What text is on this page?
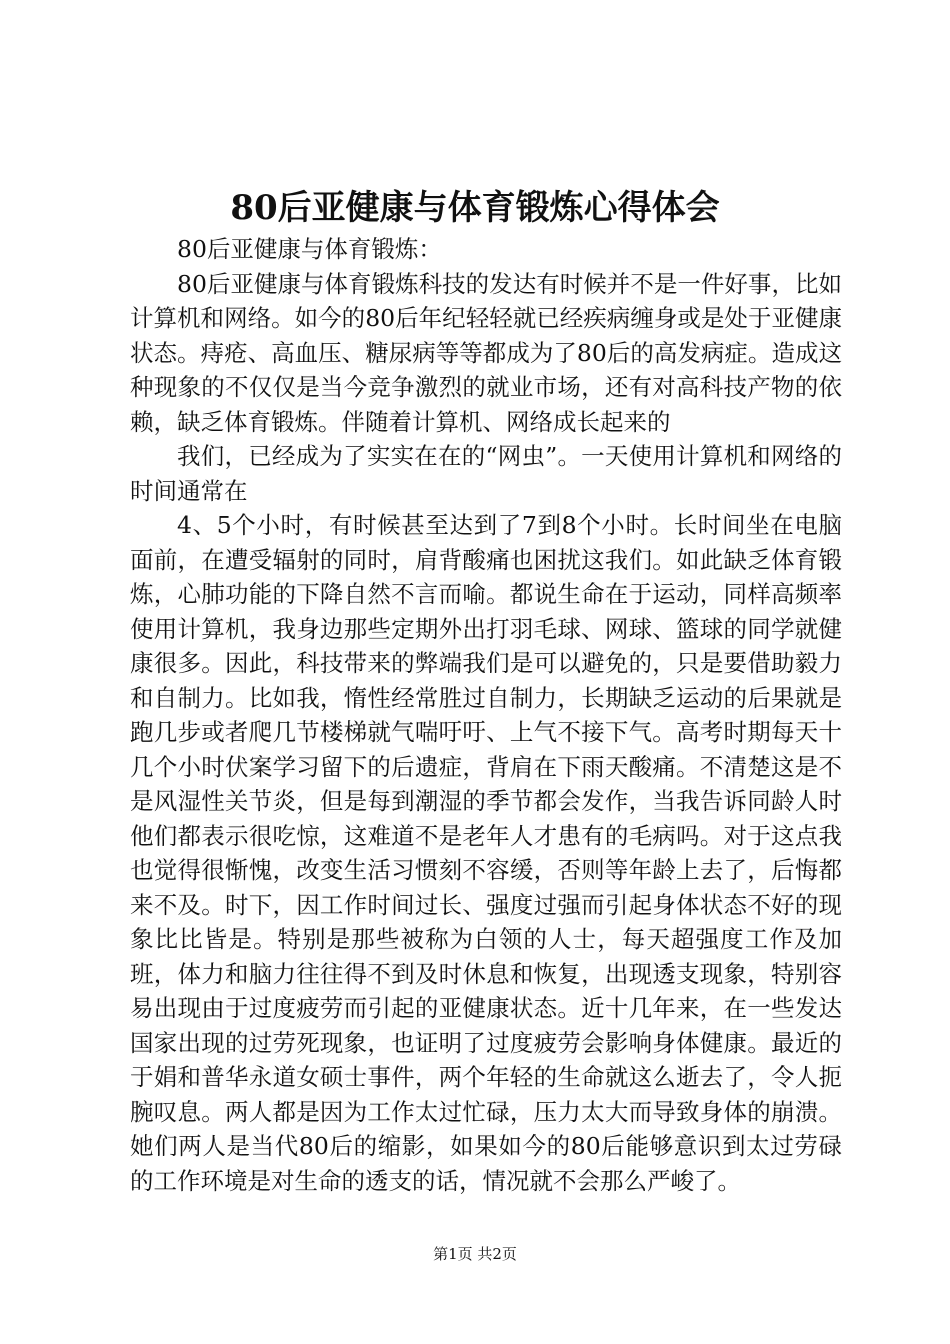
80后亚健康与体育锻炼心得体会

80后亚健康与体育锻炼：

80后亚健康与体育锻炼科技的发达有时候并不是一件好事，比如计算机和网络。如今的80后年纪轻轻就已经疾病缠身或是处于亚健康状态。痔疮、高血压、糖尿病等等都成为了80后的高发病症。造成这种现象的不仅仅是当今竞争激烈的就业市场，还有对高科技产物的依赖，缺乏体育锻炼。伴随着计算机、网络成长起来的

我们，已经成为了实实在在的“网虫”。一天使用计算机和网络的时间通常在

4、5个小时，有时候甚至达到了7到8个小时。长时间坐在电脑面前，在遭受辐射的同时，肩背酸痛也困扰这我们。如此缺乏体育锻炼，心肺功能的下降自然不言而喻。都说生命在于运动，同样高频率使用计算机，我身边那些定期外出打羽毛球、网球、篮球的同学就健康很多。因此，科技带来的弊端我们是可以避免的，只是要借助毅力和自制力。比如我，惰性经常胜过自制力，长期缺乏运动的后果就是跑几步或者爬几节楼梯就气喘吁吁、上气不接下气。高考时期每天十几个小时伏案学习留下的后遗症，背肩在下雨天酸痛。不清楚这是不是风湿性关节炎，但是每到潮湿的季节都会发作，当我告诉同龄人时他们都表示很吃惊，这难道不是老年人才患有的毛病吗。对于这点我也觉得很惭愧，改变生活习惯刻不容缓，否则等年龄上去了，后悔都来不及。时下，因工作时间过长、强度过强而引起身体状态不好的现象比比皆是。特别是那些被称为白领的人士，每天超强度工作及加班，体力和脑力往往得不到及时休息和恢复，出现透支现象，特别容易出现由于过度疲劳而引起的亚健康状态。近十几年来，在一些发达国家出现的过劳死现象，也证明了过度疲劳会影响身体健康。最近的于娟和普华永道女硕士事件，两个年轻的生命就这么逝去了，令人扼腕叹息。两人都是因为工作太过忙碌，压力太大而导致身体的崩溃。她们两人是当代80后的缩影，如果如今的80后能够意识到太过劳碌的工作环境是对生命的透支的话，情况就不会那么严峻了。

第1页 共2页
